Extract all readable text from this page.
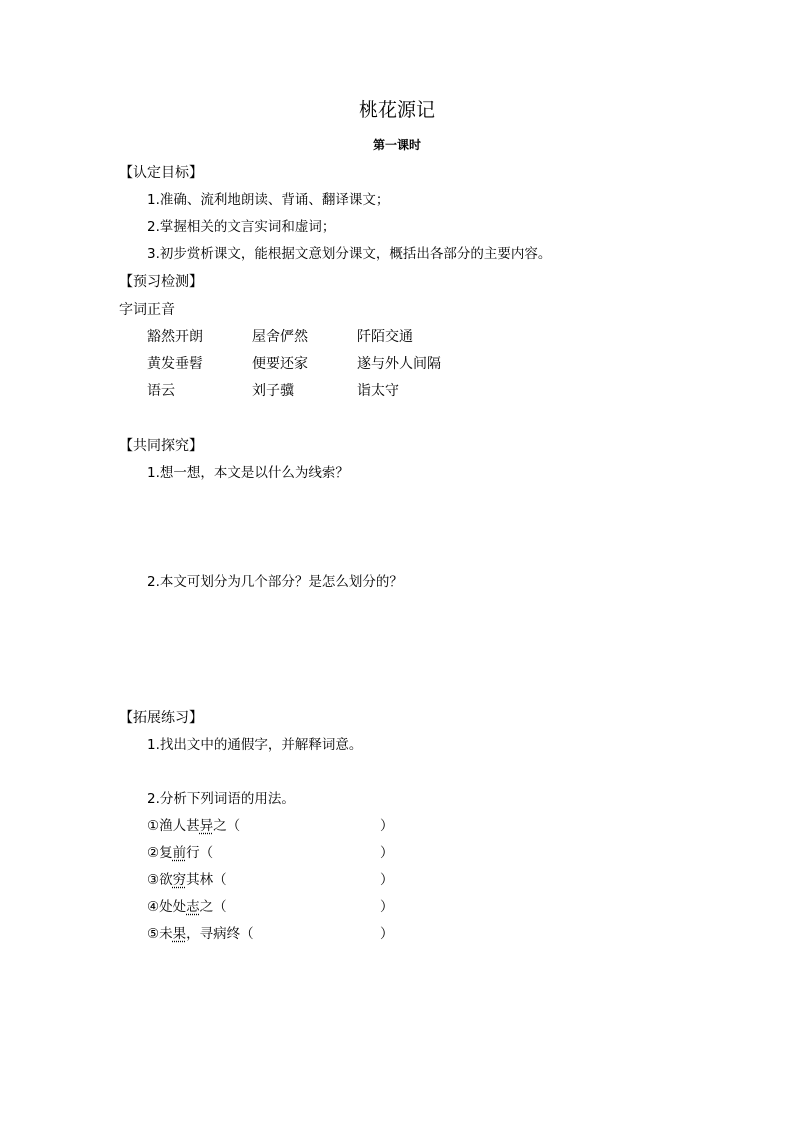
桃花源记
第一课时
【认定目标】
1.准确、流利地朗读、背诵、翻译课文；
2.掌握相关的文言实词和虚词；
3.初步赏析课文，能根据文意划分课文，概括出各部分的主要内容。
【预习检测】
字词正音
豁然开朗	屋舍俨然	阡陌交通
黄发垂髫	便要还家	遂与外人间隔
语云	刘子骥	诣太守
【共同探究】
1.想一想，本文是以什么为线索？
2.本文可划分为几个部分？是怎么划分的？
【拓展练习】
1.找出文中的通假字，并解释词意。
2.分析下列词语的用法。
①渔人甚异之（	）
②复前行（	）
③欲穷其林（	）
④处处志之（	）
⑤未果，寻病终（	）
